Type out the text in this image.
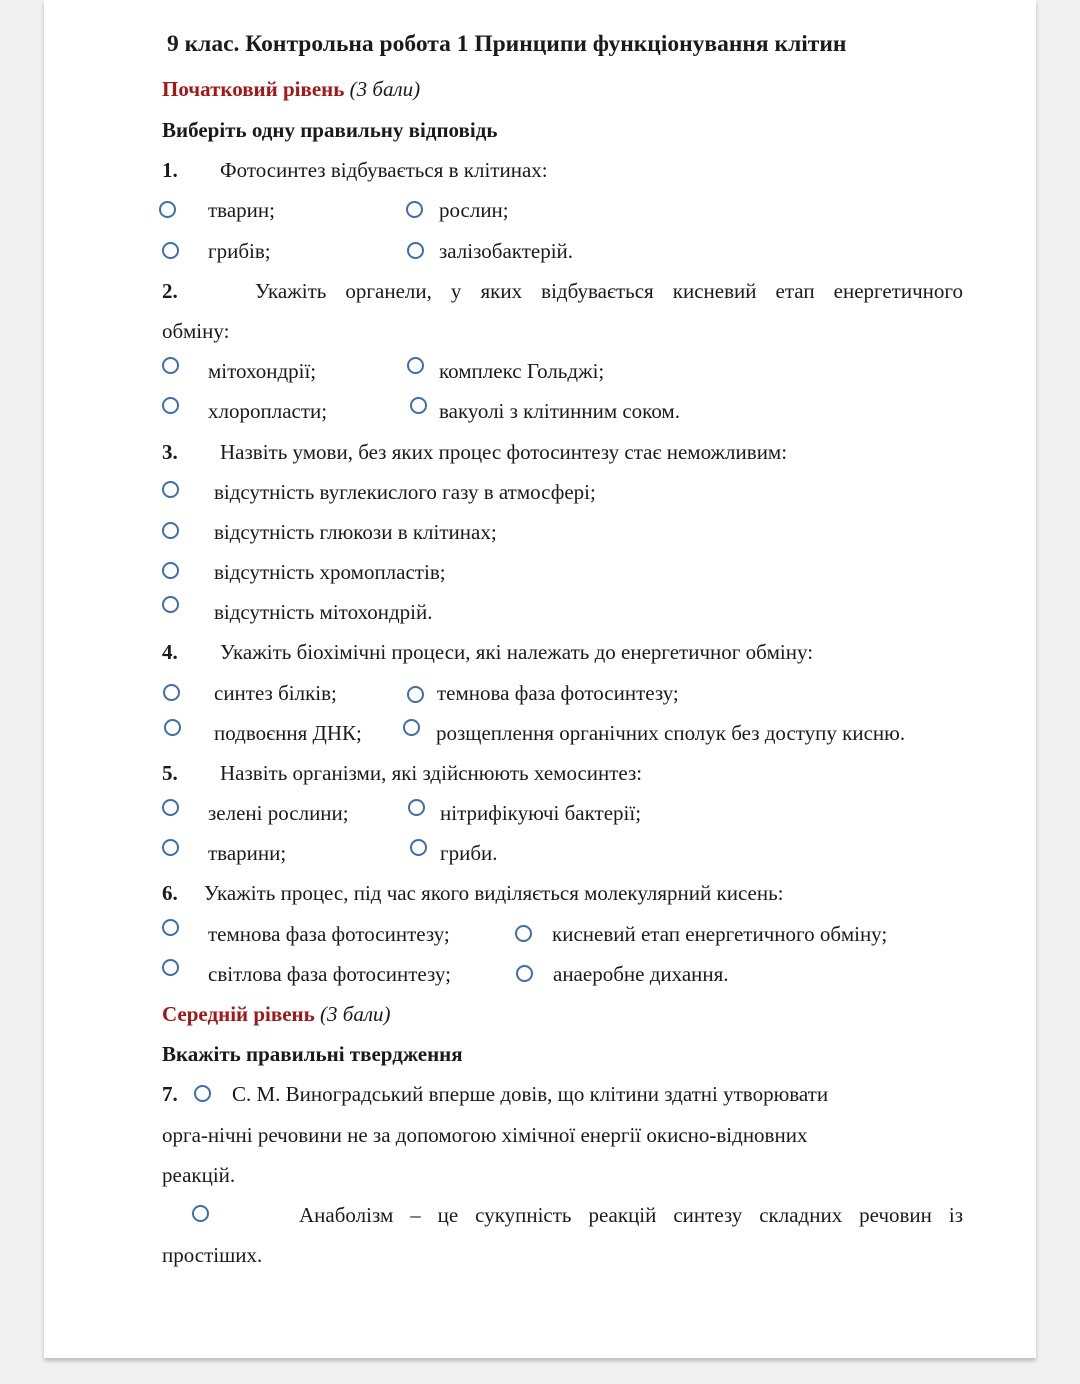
9 клас. Контрольна робота 1 Принципи функціонування клітин
Початковий рівень (3 бали)
Виберіть одну правильну відповідь
1. Фотосинтез відбувається в клітинах:
тварин;	рослин;
грибів;	залізобактерій.
2.	Укажіть органели, у яких відбувається кисневий етап енергетичного
обміну:
мітохондрії;	комплекс Гольджі;
хлоропласти;	вакуолі з клітинним соком.
3. Назвіть умови, без яких процес фотосинтезу стає неможливим:
відсутність вуглекислого газу в атмосфері;
відсутність глюкози в клітинах;
відсутність хромопластів;
відсутність мітохондрій.
4. Укажіть біохімічні процеси, які належать до енергетичног обміну:
синтез білків;	темнова фаза фотосинтезу;
подвоєння ДНК;	розщеплення органічних сполук без доступу кисню.
5. Назвіть організми, які здійснюють хемосинтез:
зелені рослини;	нітрифікуючі бактерії;
тварини;	гриби.
6. Укажіть процес, під час якого виділяється молекулярний кисень:
темнова фаза фотосинтезу;	кисневий етап енергетичного обміну;
світлова фаза фотосинтезу;	анаеробне дихання.
Середній рівень (3 бали)
Вкажіть правильні твердження
7.	С. М. Виноградський вперше довів, що клітини здатні утворювати
орга-нічні речовини не за допомогою хімічної енергії окисно-відновних
реакцій.
Анаболізм – це сукупність реакцій синтезу складних речовин із
простіших.
